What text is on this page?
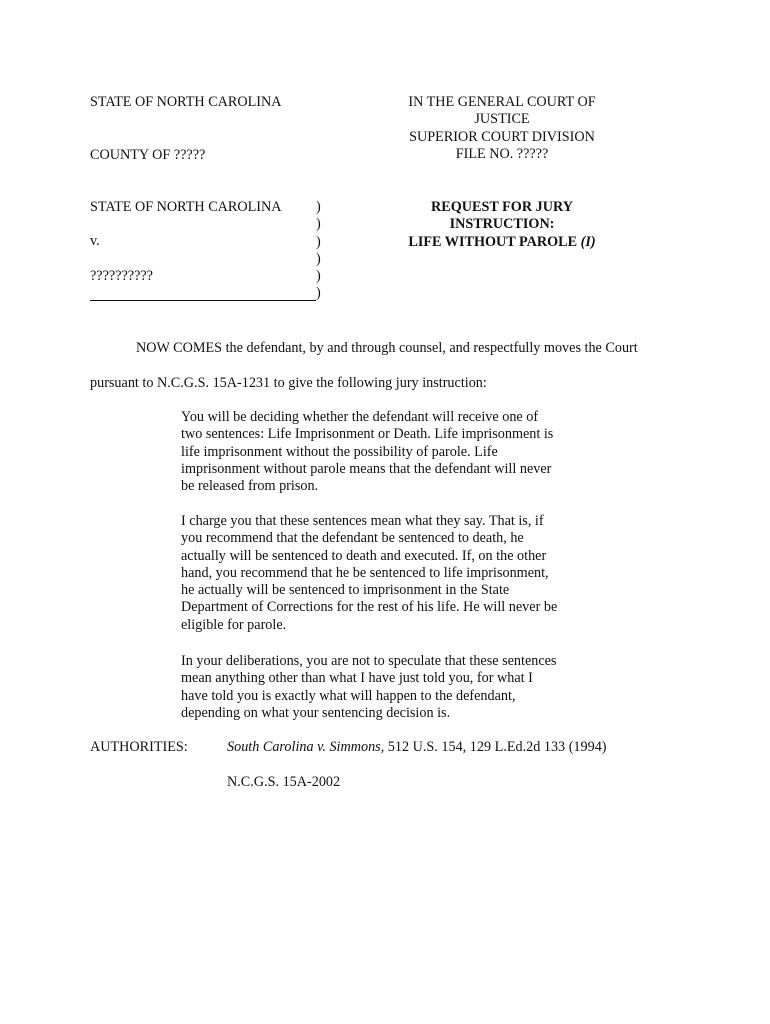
STATE OF NORTH CAROLINA
COUNTY OF ?????
IN THE GENERAL COURT OF
JUSTICE
SUPERIOR COURT DIVISION
FILE NO. ?????
STATE OF NORTH CAROLINA
v.
??????????
)
)
)
)
)
)
REQUEST FOR JURY
INSTRUCTION:
LIFE WITHOUT PAROLE (I)
NOW COMES the defendant, by and through counsel, and respectfully moves the Court
pursuant to N.C.G.S. 15A-1231 to give the following jury instruction:
You will be deciding whether the defendant will receive one of
two sentences: Life Imprisonment or Death. Life imprisonment is
life imprisonment without the possibility of parole. Life
imprisonment without parole means that the defendant will never
be released from prison.
I charge you that these sentences mean what they say. That is, if
you recommend that the defendant be sentenced to death, he
actually will be sentenced to death and executed. If, on the other
hand, you recommend that he be sentenced to life imprisonment,
he actually will be sentenced to imprisonment in the State
Department of Corrections for the rest of his life. He will never be
eligible for parole.
In your deliberations, you are not to speculate that these sentences
mean anything other than what I have just told you, for what I
have told you is exactly what will happen to the defendant,
depending on what your sentencing decision is.
AUTHORITIES:	South Carolina v. Simmons, 512 U.S. 154, 129 L.Ed.2d 133 (1994)
N.C.G.S. 15A-2002
